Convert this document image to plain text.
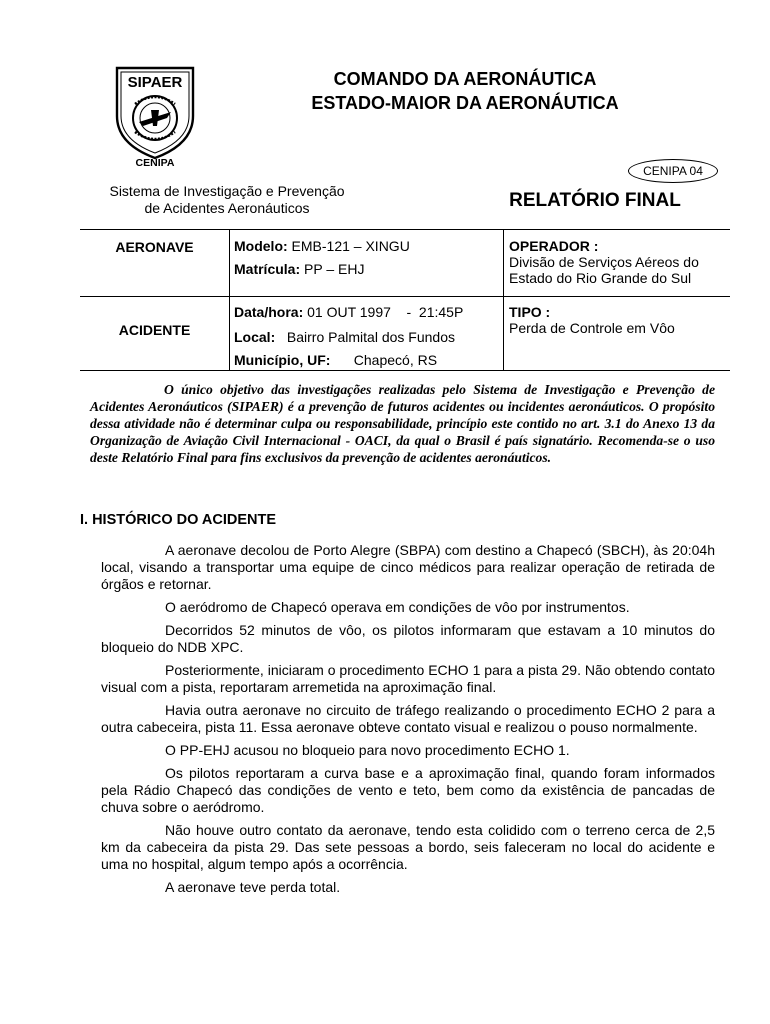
SIPAER
CENIPA
COMANDO DA AERONÁUTICA
ESTADO-MAIOR DA AERONÁUTICA
CENIPA 04
Sistema de Investigação e Prevenção
de Acidentes Aeronáuticos	RELATÓRIO FINAL
AERONAVE	Modelo: EMB-121 – XINGU
Matrícula: PP – EHJ
OPERADOR :
Divisão de Serviços Aéreos do
Estado do Rio Grande do Sul
ACIDENTE
Data/hora: 01 OUT 1997    -  21:45P
Local: Bairro Palmital dos Fundos
Município, UF: Chapecó, RS
TIPO :
Perda de Controle em Vôo
O único objetivo das investigações realizadas pelo Sistema de Investigação e Prevenção de Acidentes Aeronáuticos (SIPAER) é a prevenção de futuros acidentes ou incidentes aeronáuticos. O propósito dessa atividade não é determinar culpa ou responsabilidade, princípio este contido no art. 3.1 do Anexo 13 da Organização de Aviação Civil Internacional - OACI, da qual o Brasil é país signatário. Recomenda-se o uso deste Relatório Final para fins exclusivos da prevenção de acidentes aeronáuticos.
I. HISTÓRICO DO ACIDENTE

A aeronave decolou de Porto Alegre (SBPA) com destino a Chapecó (SBCH), às 20:04h local, visando a transportar uma equipe de cinco médicos para realizar operação de retirada de órgãos e retornar.

O aeródromo de Chapecó operava em condições de vôo por instrumentos.

Decorridos 52 minutos de vôo, os pilotos informaram que estavam a 10 minutos do bloqueio do NDB XPC.

Posteriormente, iniciaram o procedimento ECHO 1 para a pista 29. Não obtendo contato visual com a pista, reportaram arremetida na aproximação final.

Havia outra aeronave no circuito de tráfego realizando o procedimento ECHO 2 para a outra cabeceira, pista 11. Essa aeronave obteve contato visual e realizou o pouso normalmente.

O PP-EHJ acusou no bloqueio para novo procedimento ECHO 1.

Os pilotos reportaram a curva base e a aproximação final, quando foram informados pela Rádio Chapecó das condições de vento e teto, bem como da existência de pancadas de chuva sobre o aeródromo.

Não houve outro contato da aeronave, tendo esta colidido com o terreno cerca de 2,5 km da cabeceira da pista 29. Das sete pessoas a bordo, seis faleceram no local do acidente e uma no hospital, algum tempo após a ocorrência.

A aeronave teve perda total.
